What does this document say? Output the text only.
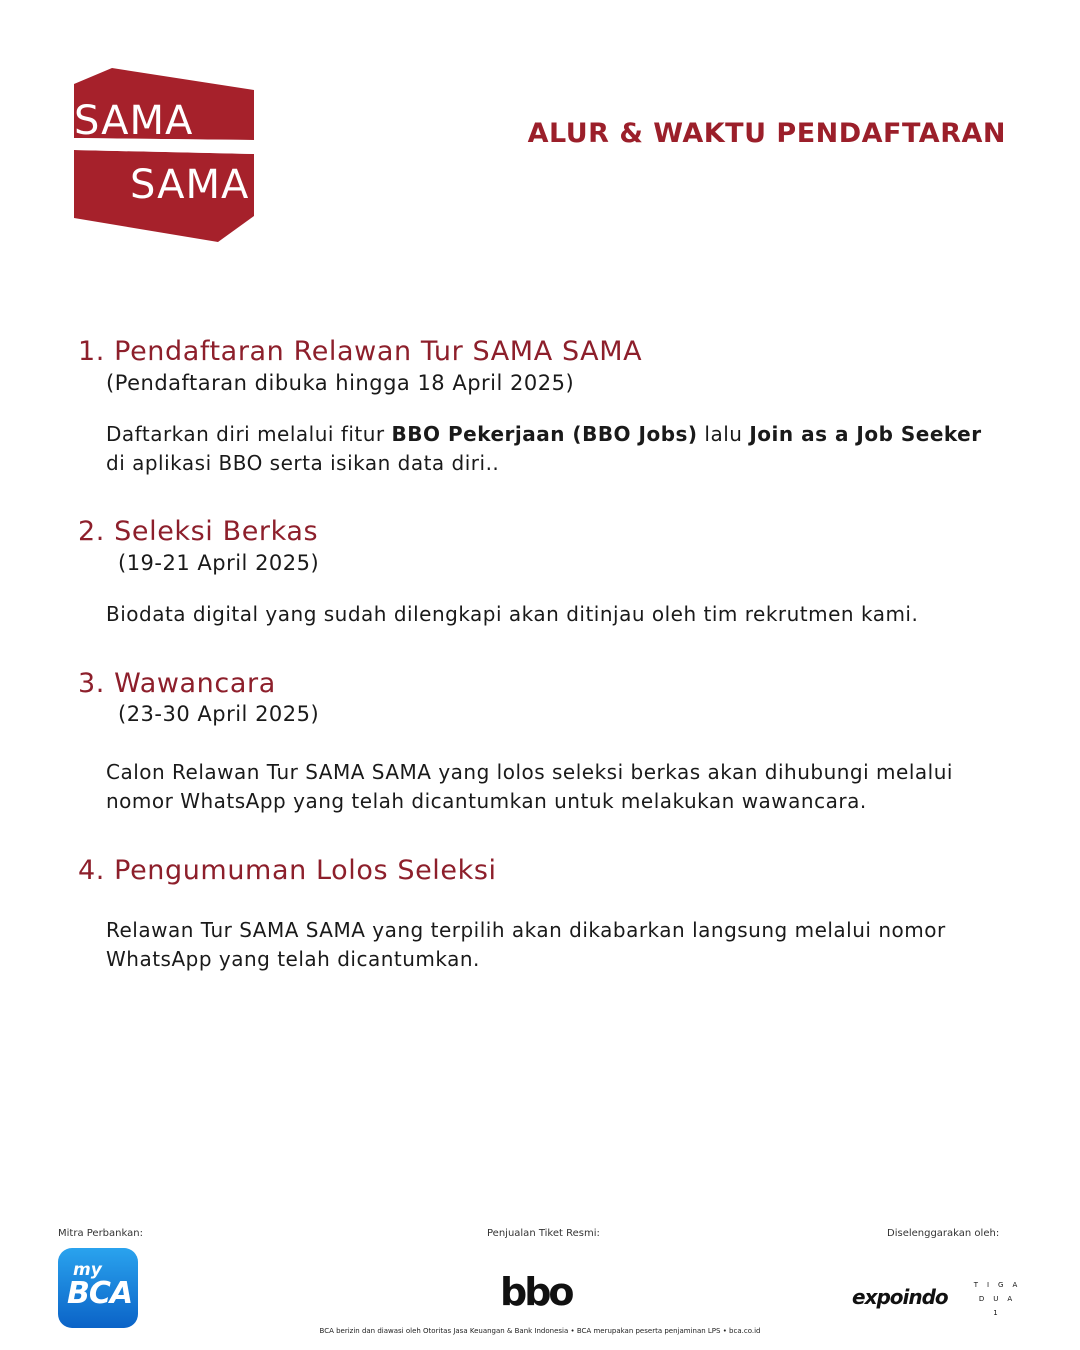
SAMA
SAMA
ALUR & WAKTU PENDAFTARAN
1. Pendaftaran Relawan Tur SAMA SAMA
(Pendaftaran dibuka hingga 18 April 2025)
Daftarkan diri melalui fitur BBO Pekerjaan (BBO Jobs) lalu Join as a Job Seeker di aplikasi BBO serta isikan data diri..
2. Seleksi Berkas
(19-21 April 2025)
Biodata digital yang sudah dilengkapi akan ditinjau oleh tim rekrutmen kami.
3. Wawancara
(23-30 April 2025)
Calon Relawan Tur SAMA SAMA yang lolos seleksi berkas akan dihubungi melalui nomor WhatsApp yang telah dicantumkan untuk melakukan wawancara.
4. Pengumuman Lolos Seleksi
Relawan Tur SAMA SAMA yang terpilih akan dikabarkan langsung melalui nomor WhatsApp yang telah dicantumkan.
Mitra Perbankan:
my
BCA
Penjualan Tiket Resmi:
bbo
Diselenggarakan oleh:
expoindo	TIGA
DUA
1
BCA berizin dan diawasi oleh Otoritas Jasa Keuangan & Bank Indonesia • BCA merupakan peserta penjaminan LPS • bca.co.id
